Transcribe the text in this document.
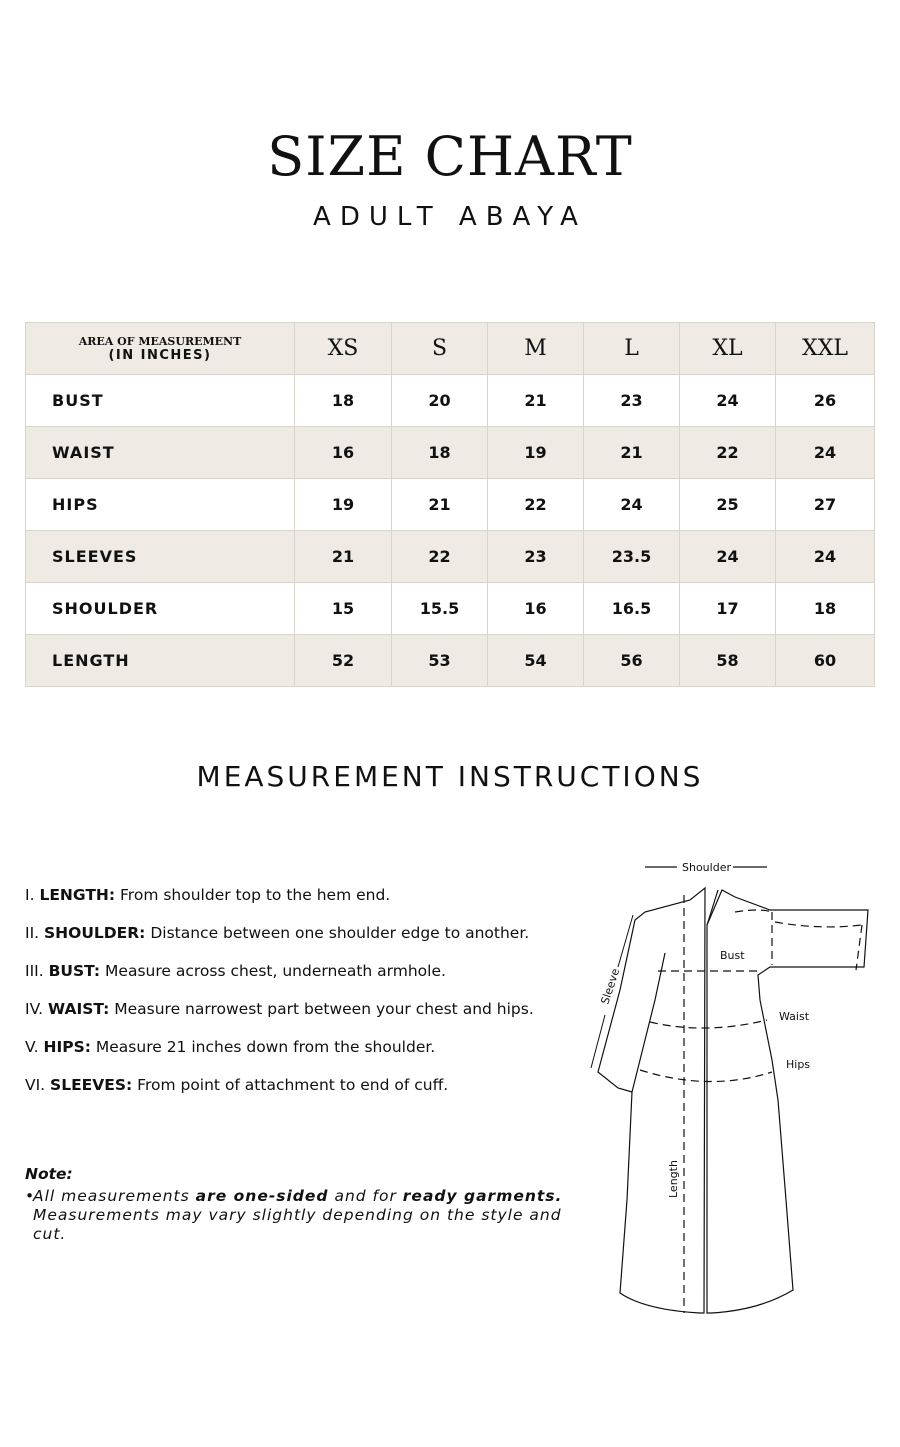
SIZE CHART
ADULT ABAYA
AREA OF MEASUREMENT
(IN INCHES)	XS	S	M	L	XL	XXL
BUST	18	20	21	23	24	26
WAIST	16	18	19	21	22	24
HIPS	19	21	22	24	25	27
SLEEVES	21	22	23	23.5	24	24
SHOULDER	15	15.5	16	16.5	17	18
LENGTH	52	53	54	56	58	60
MEASUREMENT INSTRUCTIONS
I. LENGTH: From shoulder top to the hem end.
II. SHOULDER: Distance between one shoulder edge to another.
III. BUST: Measure across chest, underneath armhole.
IV. WAIST: Measure narrowest part between your chest and hips.
V. HIPS: Measure 21 inches down from the shoulder.
VI. SLEEVES: From point of attachment to end of cuff.
Note:
•
All measurements are one-sided and for ready garments.
Measurements may vary slightly depending on the style and cut.
Shoulder
Bust
Waist
Hips
Sleeve
Length
